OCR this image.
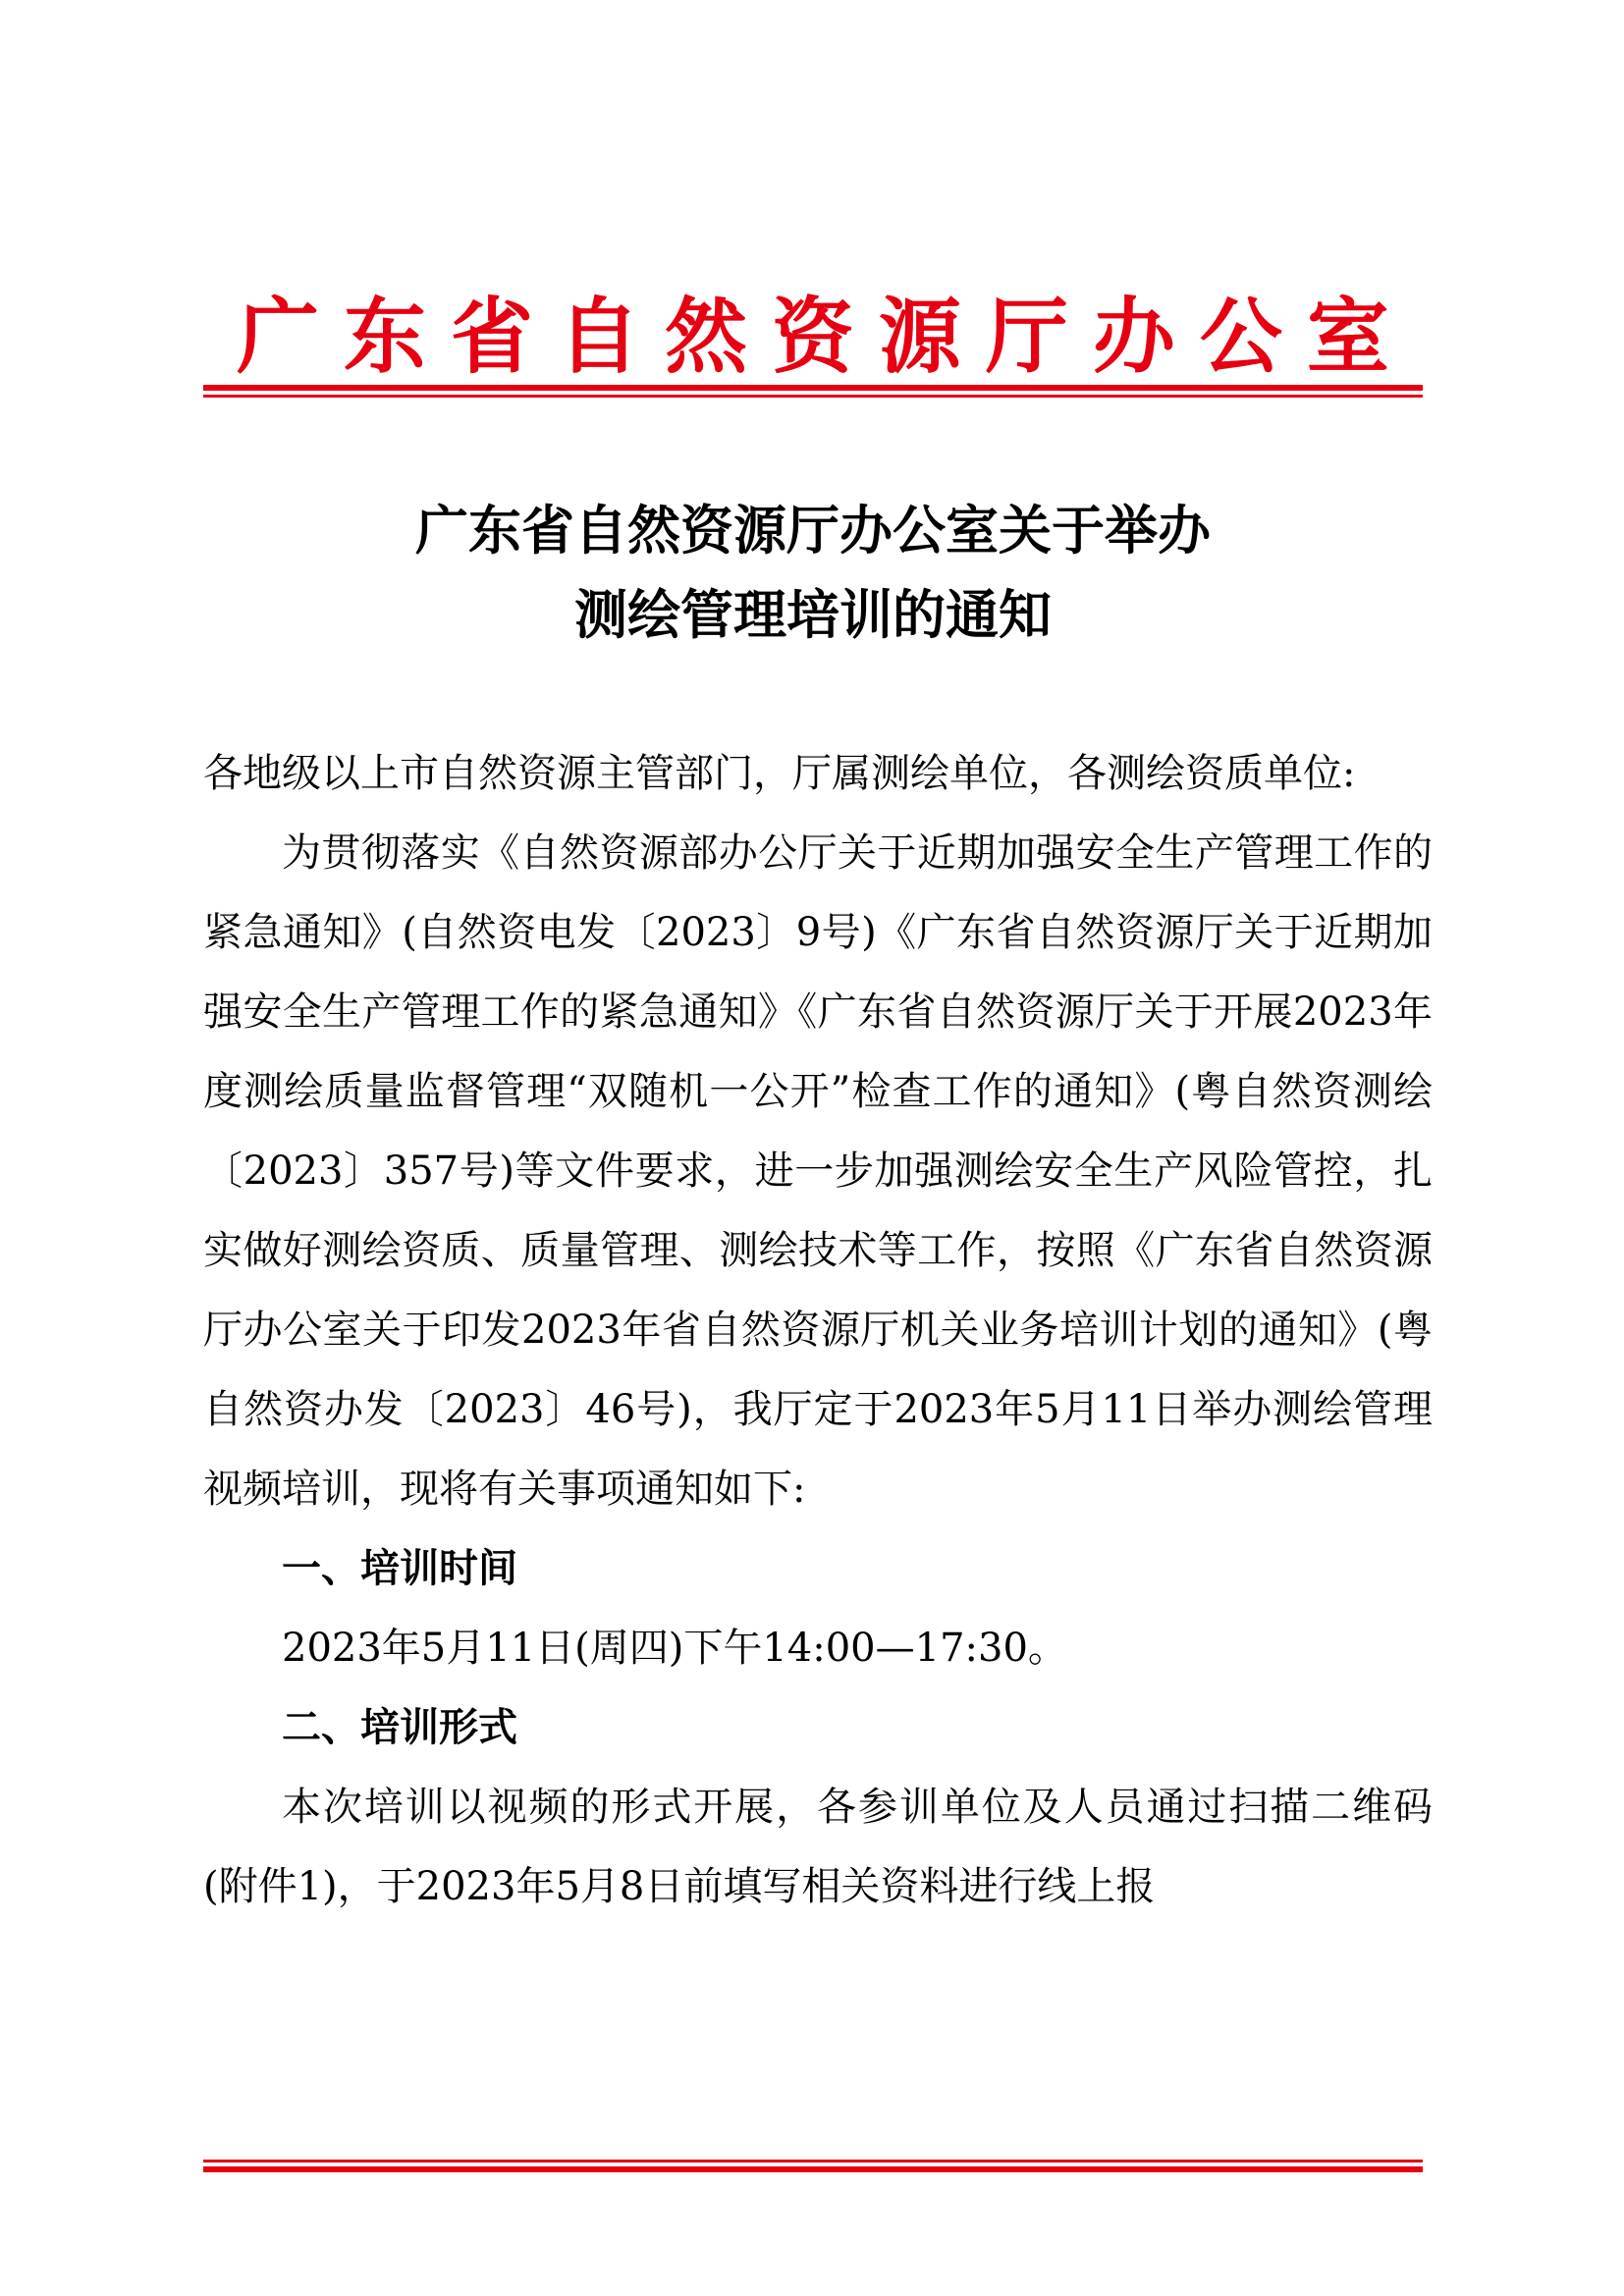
广 东 省 自 然 资 源 厅 办 公 室
广东省自然资源厅办公室关于举办
测绘管理培训的通知

各地级以上市自然资源主管部门，厅属测绘单位，各测绘资质单位:

为贯彻落实《自然资源部办公厅关于近期加强安全生产管理工作的紧急通知》(自然资电发〔2023〕9号)《广东省自然资源厅关于近期加强安全生产管理工作的紧急通知》《广东省自然资源厅关于开展2023年度测绘质量监督管理“双随机一公开”检查工作的通知》(粤自然资测绘〔2023〕357号)等文件要求，进一步加强测绘安全生产风险管控，扎实做好测绘资质、质量管理、测绘技术等工作，按照《广东省自然资源厅办公室关于印发2023年省自然资源厅机关业务培训计划的通知》(粤自然资办发〔2023〕46号)，我厅定于2023年5月11日举办测绘管理视频培训，现将有关事项通知如下:

一、培训时间

2023年5月11日(周四)下午14:00—17:30。

二、培训形式

本次培训以视频的形式开展，各参训单位及人员通过扫描二维码(附件1)，于2023年5月8日前填写相关资料进行线上报
